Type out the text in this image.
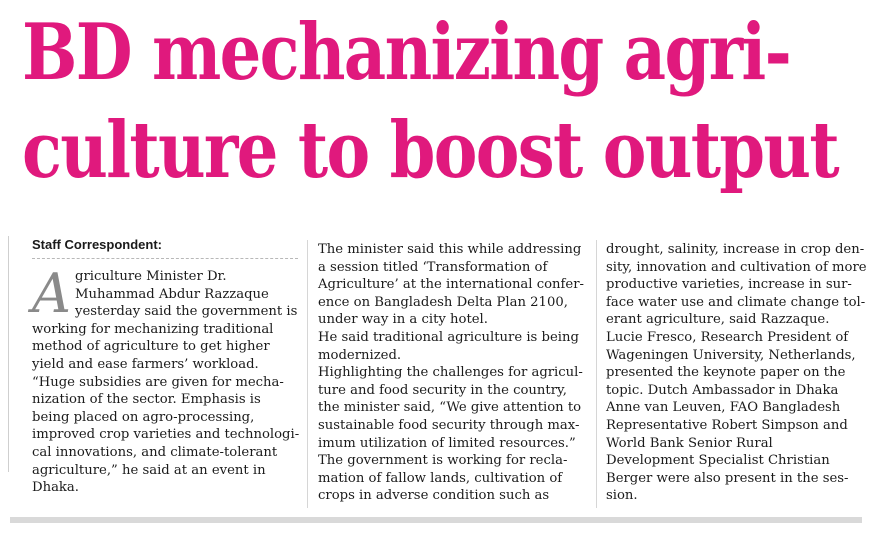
BD mechanizing agri-
culture to boost output
Staff Correspondent:
A griculture Minister Dr.

Muhammad Abdur Razzaque

yesterday said the government is

working for mechanizing traditional

method of agriculture to get higher

yield and ease farmers’ workload.

“Huge subsidies are given for mecha-

nization of the sector. Emphasis is

being placed on agro-processing,

improved crop varieties and technologi-

cal innovations, and climate-tolerant

agriculture,” he said at an event in

Dhaka.

The minister said this while addressing

a session titled ‘Transformation of

Agriculture’ at the international confer-

ence on Bangladesh Delta Plan 2100,

under way in a city hotel.

He said traditional agriculture is being

modernized.

Highlighting the challenges for agricul-

ture and food security in the country,

the minister said, “We give attention to

sustainable food security through max-

imum utilization of limited resources.”

The government is working for recla-

mation of fallow lands, cultivation of

crops in adverse condition such as

drought, salinity, increase in crop den-

sity, innovation and cultivation of more

productive varieties, increase in sur-

face water use and climate change tol-

erant agriculture, said Razzaque.

Lucie Fresco, Research President of

Wageningen University, Netherlands,

presented the keynote paper on the

topic. Dutch Ambassador in Dhaka

Anne van Leuven, FAO Bangladesh

Representative Robert Simpson and

World Bank Senior Rural

Development Specialist Christian

Berger were also present in the ses-

sion.
